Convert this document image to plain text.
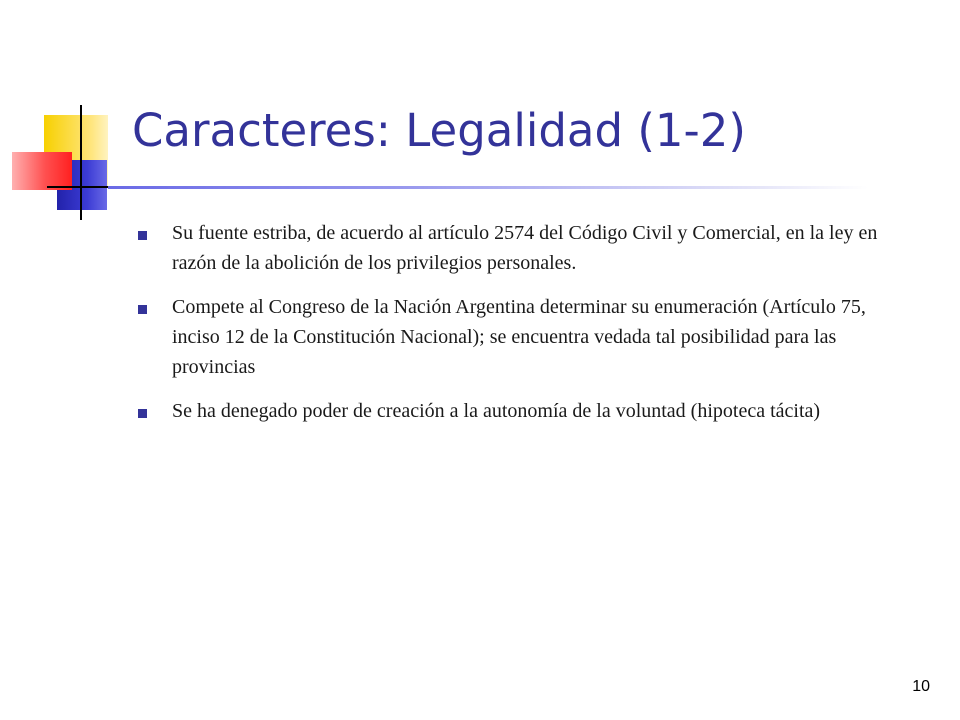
Caracteres: Legalidad (1-2)
Su fuente estriba, de acuerdo al artículo 2574 del Código Civil y Comercial, en la ley en razón de la abolición de los privilegios personales.
Compete al Congreso de la Nación Argentina determinar su enumeración (Artículo 75, inciso 12 de la Constitución Nacional); se encuentra vedada tal posibilidad para las provincias
Se ha denegado poder de creación a la autonomía de la voluntad (hipoteca tácita)
10
